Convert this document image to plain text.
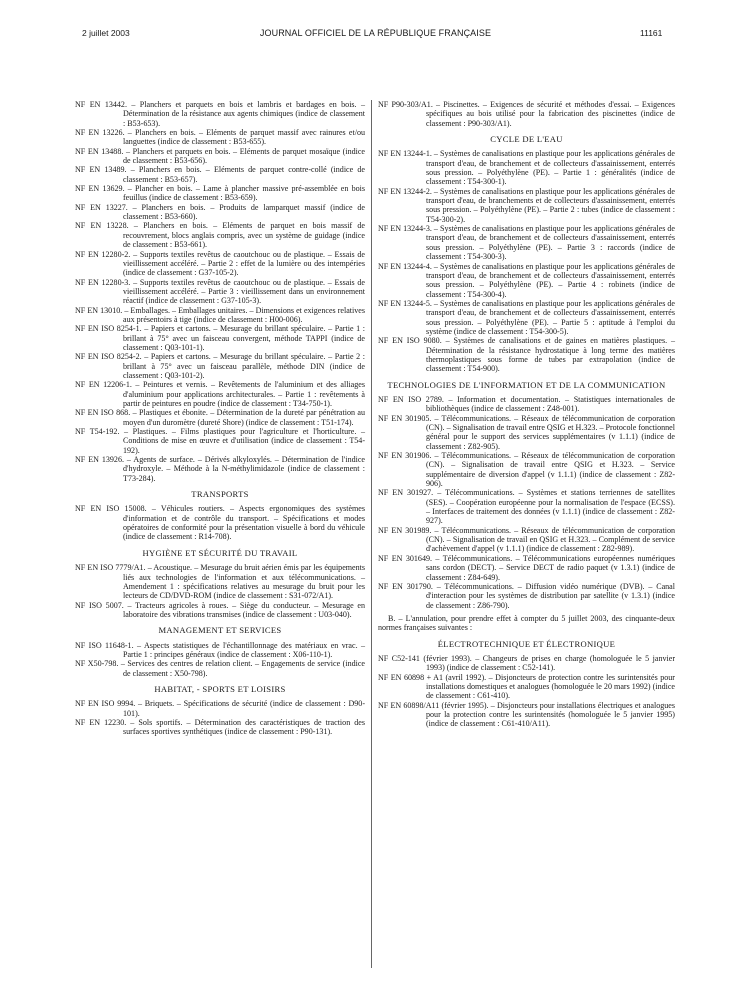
2 juillet 2003	JOURNAL OFFICIEL DE LA RÉPUBLIQUE FRANÇAISE	11161
NF EN 13442. – Planchers et parquets en bois et lambris et bardages en bois. – Détermination de la résistance aux agents chimiques (indice de classement : B53-653).
NF EN 13226. – Planchers en bois. – Eléments de parquet massif avec rainures et/ou languettes (indice de classement : B53-655).
NF EN 13488. – Planchers et parquets en bois. – Eléments de parquet mosaïque (indice de classement : B53-656).
NF EN 13489. – Planchers en bois. – Eléments de parquet contre-collé (indice de classement : B53-657).
NF EN 13629. – Plancher en bois. – Lame à plancher massive pré-assemblée en bois feuillus (indice de classement : B53-659).
NF EN 13227. – Planchers en bois. – Produits de lamparquet massif (indice de classement : B53-660).
NF EN 13228. – Planchers en bois. – Eléments de parquet en bois massif de recouvrement, blocs anglais compris, avec un système de guidage (indice de classement : B53-661).
NF EN 12280-2. – Supports textiles revêtus de caoutchouc ou de plastique. – Essais de vieillissement accéléré. – Partie 2 : effet de la lumière ou des intempéries (indice de classement : G37-105-2).
NF EN 12280-3. – Supports textiles revêtus de caoutchouc ou de plastique. – Essais de vieillissement accéléré. – Partie 3 : vieillissement dans un environnement réactif (indice de classement : G37-105-3).
NF EN 13010. – Emballages. – Emballages unitaires. – Dimensions et exigences relatives aux présentoirs à tige (indice de classement : H00-006).
NF EN ISO 8254-1. – Papiers et cartons. – Mesurage du brillant spéculaire. – Partie 1 : brillant à 75° avec un faisceau convergent, méthode TAPPI (indice de classement : Q03-101-1).
NF EN ISO 8254-2. – Papiers et cartons. – Mesurage du brillant spéculaire. – Partie 2 : brillant à 75° avec un faisceau parallèle, méthode DIN (indice de classement : Q03-101-2).
NF EN 12206-1. – Peintures et vernis. – Revêtements de l'aluminium et des alliages d'aluminium pour applications architecturales. – Partie 1 : revêtements à partir de peintures en poudre (indice de classement : T34-750-1).
NF EN ISO 868. – Plastiques et ébonite. – Détermination de la dureté par pénétration au moyen d'un duromètre (dureté Shore) (indice de classement : T51-174).
NF T54-192. – Plastiques. – Films plastiques pour l'agriculture et l'horticulture. – Conditions de mise en œuvre et d'utilisation (indice de classement : T54-192).
NF EN 13926. – Agents de surface. – Dérivés alkyloxylés. – Détermination de l'indice d'hydroxyle. – Méthode à la N-méthylimidazole (indice de classement : T73-284).
TRANSPORTS
NF EN ISO 15008. – Véhicules routiers. – Aspects ergonomiques des systèmes d'information et de contrôle du transport. – Spécifications et modes opératoires de conformité pour la présentation visuelle à bord du véhicule (indice de classement : R14-708).
HYGIÈNE ET SÉCURITÉ DU TRAVAIL
NF EN ISO 7779/A1. – Acoustique. – Mesurage du bruit aérien émis par les équipements liés aux technologies de l'information et aux télécommunications. – Amendement 1 : spécifications relatives au mesurage du bruit pour les lecteurs de CD/DVD-ROM (indice de classement : S31-072/A1).
NF ISO 5007. – Tracteurs agricoles à roues. – Siège du conducteur. – Mesurage en laboratoire des vibrations transmises (indice de classement : U03-040).
MANAGEMENT ET SERVICES
NF ISO 11648-1. – Aspects statistiques de l'échantillonnage des matériaux en vrac. – Partie 1 : principes généraux (indice de classement : X06-110-1).
NF X50-798. – Services des centres de relation client. – Engagements de service (indice de classement : X50-798).
HABITAT, - SPORTS ET LOISIRS
NF EN ISO 9994. – Briquets. – Spécifications de sécurité (indice de classement : D90-101).
NF EN 12230. – Sols sportifs. – Détermination des caractéristiques de traction des surfaces sportives synthétiques (indice de classement : P90-131).
NF P90-303/A1. – Piscinettes. – Exigences de sécurité et méthodes d'essai. – Exigences spécifiques au bois utilisé pour la fabrication des piscinettes (indice de classement : P90-303/A1).
CYCLE DE L'EAU
NF EN 13244-1. – Systèmes de canalisations en plastique pour les applications générales de transport d'eau, de branchement et de collecteurs d'assainissement, enterrés sous pression. – Polyéthylène (PE). – Partie 1 : généralités (indice de classement : T54-300-1).
NF EN 13244-2. – Systèmes de canalisations en plastique pour les applications générales de transport d'eau, de branchements et de collecteurs d'assainissement, enterrés sous pression. – Polyéthylène (PE). – Partie 2 : tubes (indice de classement : T54-300-2).
NF EN 13244-3. – Systèmes de canalisations en plastique pour les applications générales de transport d'eau, de branchement et de collecteurs d'assainissement, enterrés sous pression. – Polyéthylène (PE). – Partie 3 : raccords (indice de classement : T54-300-3).
NF EN 13244-4. – Systèmes de canalisations en plastique pour les applications générales de transport d'eau, de branchement et de collecteurs d'assainissement, enterrés sous pression. – Polyéthylène (PE). – Partie 4 : robinets (indice de classement : T54-300-4).
NF EN 13244-5. – Systèmes de canalisations en plastique pour les applications générales de transport d'eau, de branchement et de collecteurs d'assainissement, enterrés sous pression. – Polyéthylène (PE). – Partie 5 : aptitude à l'emploi du système (indice de classement : T54-300-5).
NF EN ISO 9080. – Systèmes de canalisations et de gaines en matières plastiques. – Détermination de la résistance hydrostatique à long terme des matières thermoplastiques sous forme de tubes par extrapolation (indice de classement : T54-900).
TECHNOLOGIES DE L'INFORMATION ET DE LA COMMUNICATION
NF EN ISO 2789. – Information et documentation. – Statistiques internationales de bibliothèques (indice de classement : Z48-001).
NF EN 301905. – Télécommunications. – Réseaux de télécommunication de corporation (CN). – Signalisation de travail entre QSIG et H.323. – Protocole fonctionnel général pour le support des services supplémentaires (v 1.1.1) (indice de classement : Z82-905).
NF EN 301906. – Télécommunications. – Réseaux de télécommunication de corporation (CN). – Signalisation de travail entre QSIG et H.323. – Service supplémentaire de diversion d'appel (v 1.1.1) (indice de classement : Z82-906).
NF EN 301927. – Télécommunications. – Systèmes et stations terriennes de satellites (SES). – Coopération européenne pour la normalisation de l'espace (ECSS). – Interfaces de traitement des données (v 1.1.1) (indice de classement : Z82-927).
NF EN 301989. – Télécommunications. – Réseaux de télécommunication de corporation (CN). – Signalisation de travail en QSIG et H.323. – Complément de service d'achèvement d'appel (v 1.1.1) (indice de classement : Z82-989).
NF EN 301649. – Télécommunications. – Télécommunications européennes numériques sans cordon (DECT). – Service DECT de radio paquet (v 1.3.1) (indice de classement : Z84-649).
NF EN 301790. – Télécommunications. – Diffusion vidéo numérique (DVB). – Canal d'interaction pour les systèmes de distribution par satellite (v 1.3.1) (indice de classement : Z86-790).
B. – L'annulation, pour prendre effet à compter du 5 juillet 2003, des cinquante-deux normes françaises suivantes :
ÉLECTROTECHNIQUE ET ÉLECTRONIQUE
NF C52-141 (février 1993). – Changeurs de prises en charge (homologuée le 5 janvier 1993) (indice de classement : C52-141).
NF EN 60898 + A1 (avril 1992). – Disjoncteurs de protection contre les surintensités pour installations domestiques et analogues (homologuée le 20 mars 1992) (indice de classement : C61-410).
NF EN 60898/A11 (février 1995). – Disjoncteurs pour installations électriques et analogues pour la protection contre les surintensités (homologuée le 5 janvier 1995) (indice de classement : C61-410/A11).
